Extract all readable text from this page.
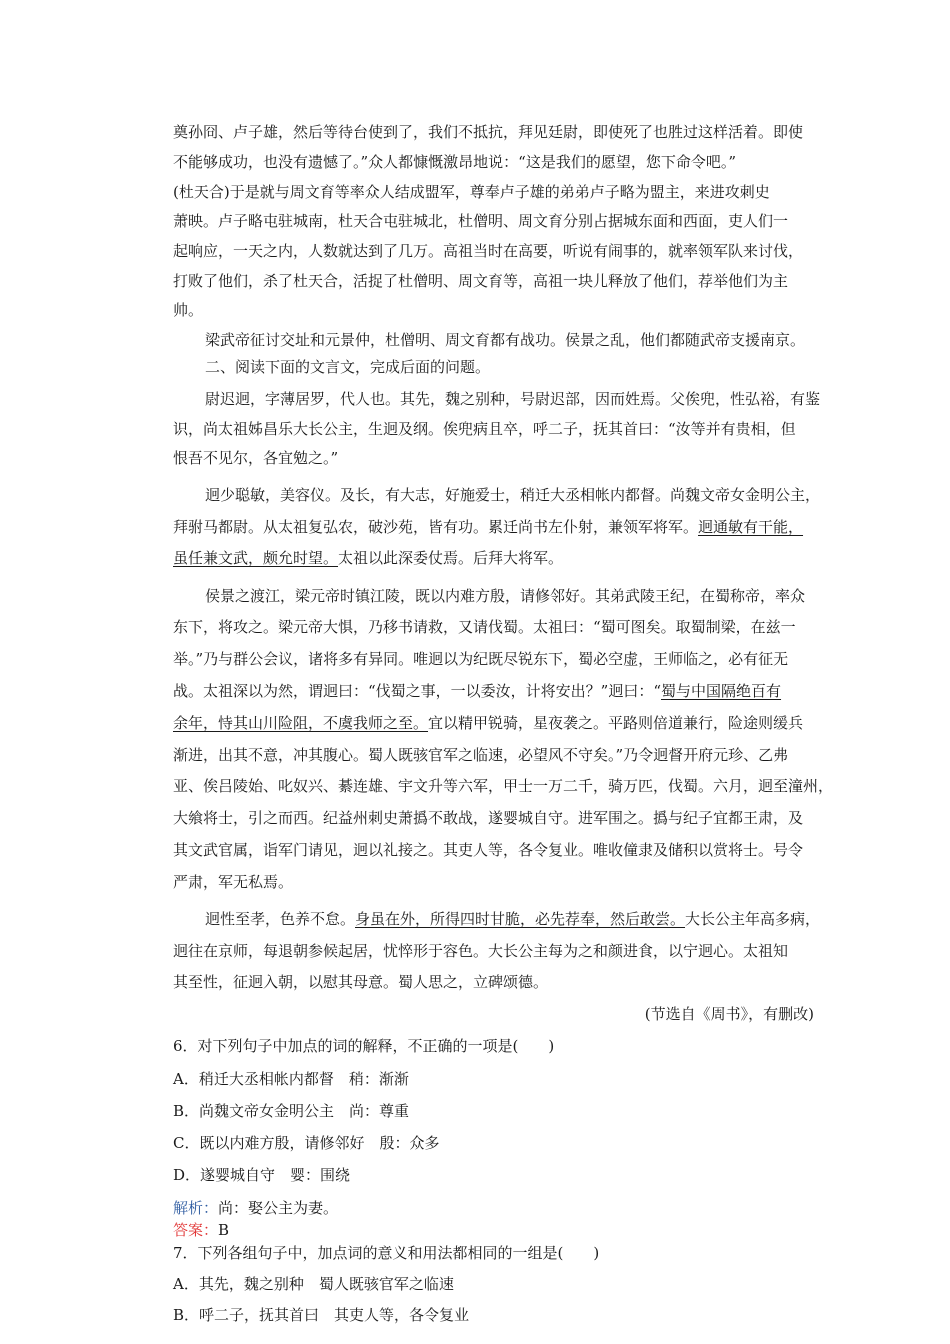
奠孙冏、卢子雄，然后等待台使到了，我们不抵抗，拜见廷尉，即使死了也胜过这样活着。即使
不能够成功，也没有遗憾了。”众人都慷慨激昂地说：“这是我们的愿望，您下命令吧。”
(杜天合)于是就与周文育等率众人结成盟军，尊奉卢子雄的弟弟卢子略为盟主，来进攻刺史
萧映。卢子略屯驻城南，杜天合屯驻城北，杜僧明、周文育分别占据城东面和西面，吏人们一
起响应，一天之内，人数就达到了几万。高祖当时在高要，听说有闹事的，就率领军队来讨伐，
打败了他们，杀了杜天合，活捉了杜僧明、周文育等，高祖一块儿释放了他们，荐举他们为主
帅。
梁武帝征讨交址和元景仲，杜僧明、周文育都有战功。侯景之乱，他们都随武帝支援南京。
二、阅读下面的文言文，完成后面的问题。
尉迟迥，字薄居罗，代人也。其先，魏之别种，号尉迟部，因而姓焉。父俟兜，性弘裕，有鉴
识，尚太祖姊昌乐大长公主，生迥及纲。俟兜病且卒，呼二子，抚其首曰：“汝等并有贵相，但
恨吾不见尔，各宜勉之。”
迥少聪敏，美容仪。及长，有大志，好施爱士，稍迁大丞相帐内都督。尚魏文帝女金明公主，
拜驸马都尉。从太祖复弘农，破沙苑，皆有功。累迁尚书左仆射，兼领军将军。迥通敏有干能，
虽任兼文武，颇允时望。太祖以此深委仗焉。后拜大将军。
侯景之渡江，梁元帝时镇江陵，既以内难方殷，请修邻好。其弟武陵王纪，在蜀称帝，率众
东下，将攻之。梁元帝大惧，乃移书请救，又请伐蜀。太祖曰：“蜀可图矣。取蜀制梁，在兹一
举。”乃与群公会议，诸将多有异同。唯迥以为纪既尽锐东下，蜀必空虚，王师临之，必有征无
战。太祖深以为然，谓迥曰：“伐蜀之事，一以委汝，计将安出？”迥曰：“蜀与中国隔绝百有
余年，恃其山川险阻，不虞我师之至。宜以精甲锐骑，星夜袭之。平路则倍道兼行，险途则缓兵
渐进，出其不意，冲其腹心。蜀人既骇官军之临速，必望风不守矣。”乃令迥督开府元珍、乙弗
亚、俟吕陵始、叱奴兴、綦连雄、宇文升等六军，甲士一万二千，骑万匹，伐蜀。六月，迥至潼州，
大飨将士，引之而西。纪益州刺史萧撝不敢战，遂婴城自守。进军围之。撝与纪子宜都王肃，及
其文武官属，诣军门请见，迥以礼接之。其吏人等，各令复业。唯收僮隶及储积以赏将士。号令
严肃，军无私焉。
迥性至孝，色养不怠。身虽在外，所得四时甘脆，必先荐奉，然后敢尝。大长公主年高多病，
迥往在京师，每退朝参候起居，忧悴形于容色。大长公主每为之和颜进食，以宁迥心。太祖知
其至性，征迥入朝，以慰其母意。蜀人思之，立碑颂德。
(节选自《周书》，有删改)
6．对下列句子中加点的词的解释，不正确的一项是(　　)
A．稍迁大丞相帐内都督　稍：渐渐
B．尚魏文帝女金明公主　尚：尊重
C．既以内难方殷，请修邻好　殷：众多
D．遂婴城自守　婴：围绕
解析：尚：娶公主为妻。
答案：B
7．下列各组句子中，加点词的意义和用法都相同的一组是(　　)
A．其先，魏之别种　蜀人既骇官军之临速
B．呼二子，抚其首曰　其吏人等，各令复业
